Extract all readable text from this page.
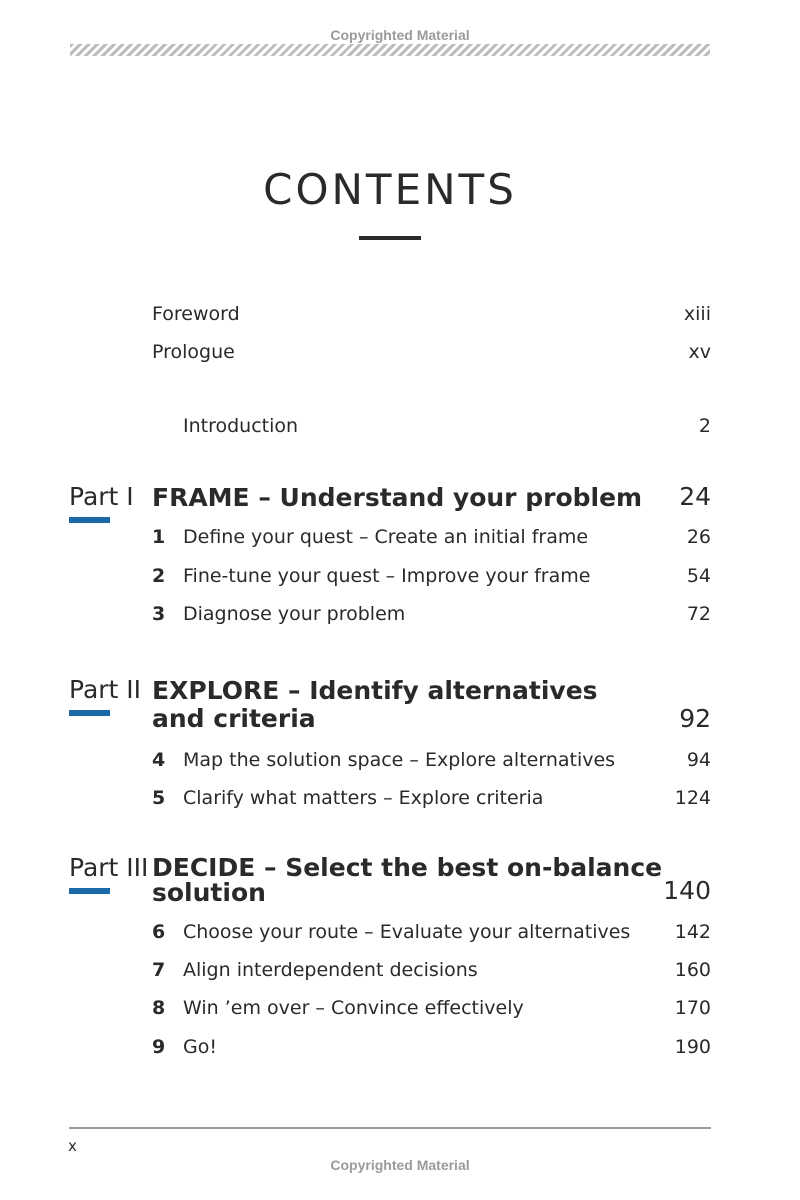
Copyrighted Material
CONTENTS
Foreword	xiii
Prologue	xv
Introduction	2
Part I FRAME – Understand your problem 24
1 Define your quest – Create an initial frame	26
2 Fine-tune your quest – Improve your frame	54
3 Diagnose your problem	72
Part II EXPLORE – Identify alternatives
and criteria	92
4 Map the solution space – Explore alternatives	94
5 Clarify what matters – Explore criteria	124
Part III DECIDE – Select the best on-balance
solution	140
6 Choose your route – Evaluate your alternatives 142
7 Align interdependent decisions	160
8 Win ’em over – Convince effectively	170
9 Go!	190
x
Copyrighted Material
